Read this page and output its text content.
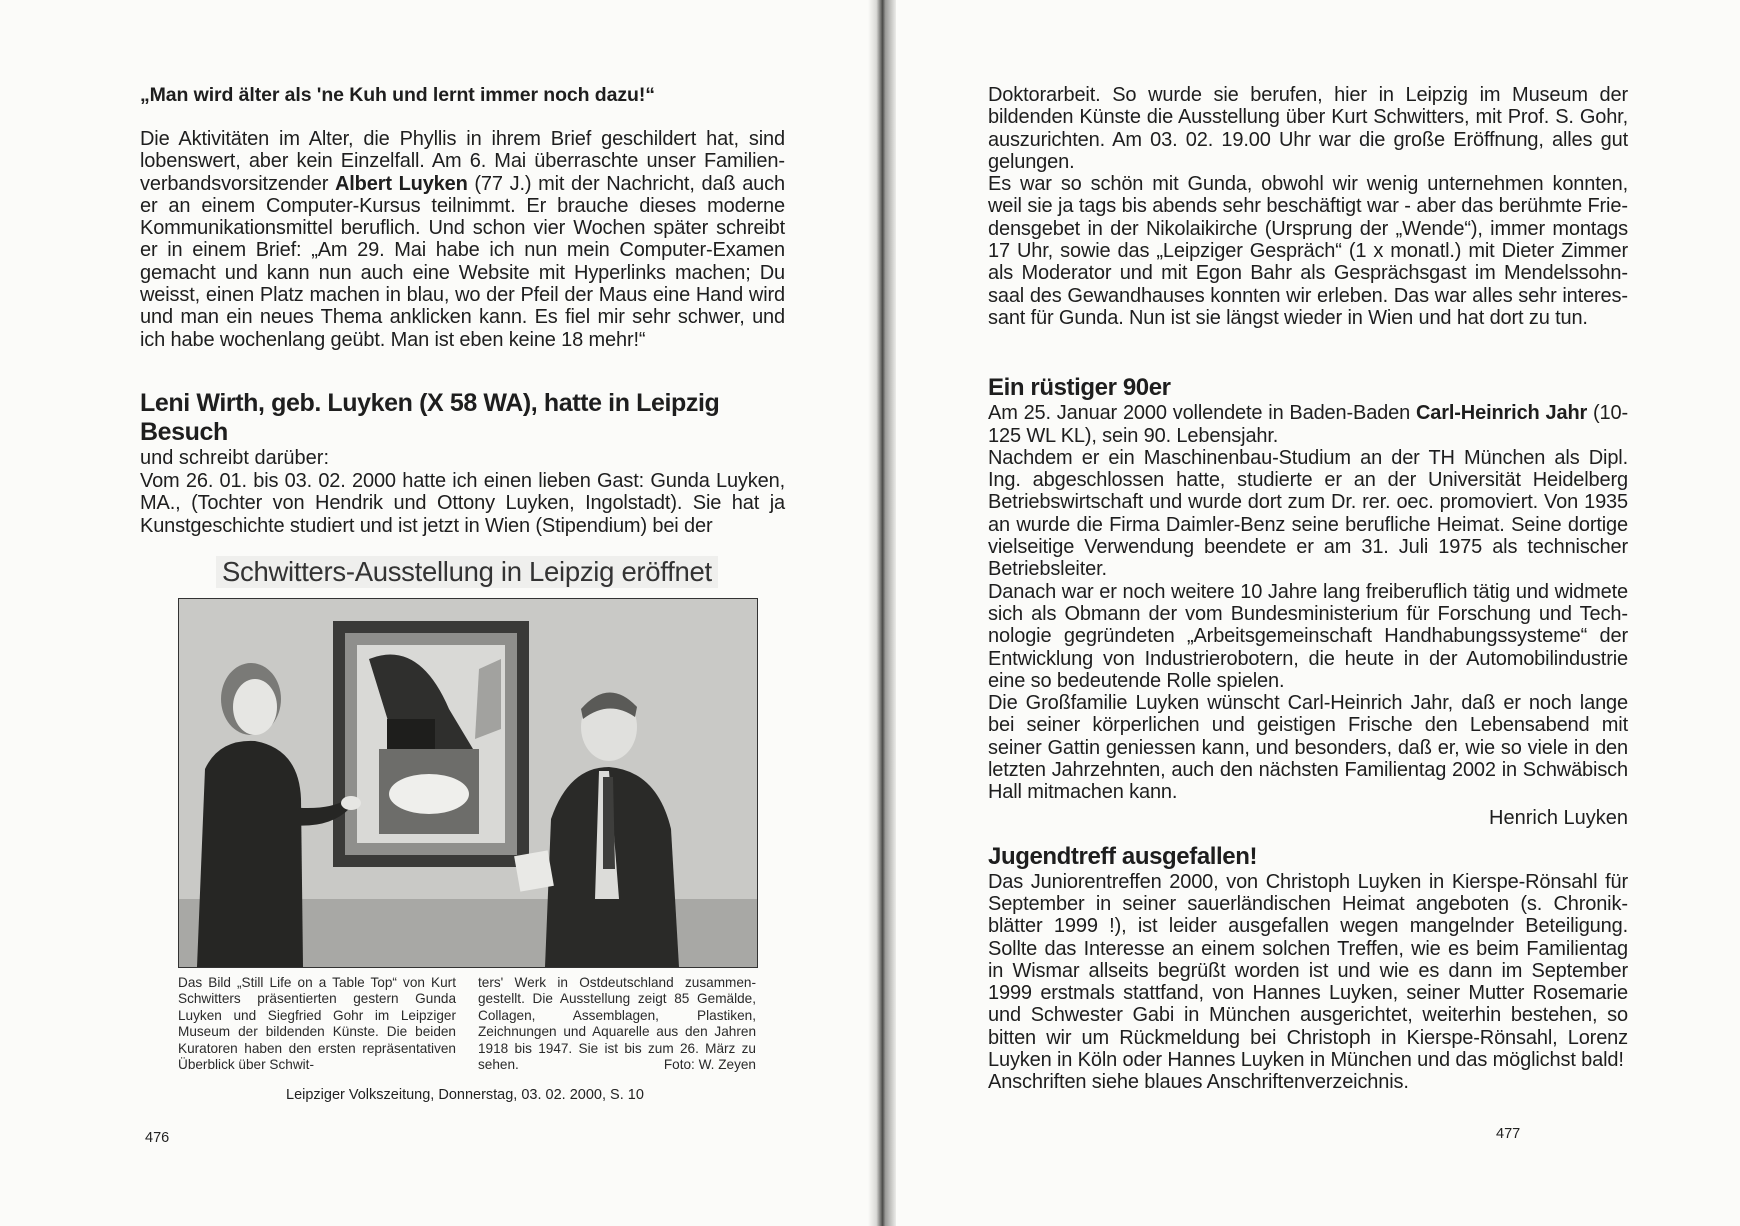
„Man wird älter als 'ne Kuh und lernt immer noch dazu!“

Die Aktivitäten im Alter, die Phyllis in ihrem Brief geschildert hat, sind lobenswert, aber kein Einzelfall. Am 6. Mai überraschte unser Familienverbandsvorsitzender Albert Luyken (77 J.) mit der Nachricht, daß auch er an einem Computer-Kursus teilnimmt. Er brauche dieses moderne Kommunikationsmittel beruflich. Und schon vier Wochen später schreibt er in einem Brief: „Am 29. Mai habe ich nun mein Computer-Examen gemacht und kann nun auch eine Website mit Hyperlinks machen; Du weisst, einen Platz machen in blau, wo der Pfeil der Maus eine Hand wird und man ein neues Thema anklicken kann. Es fiel mir sehr schwer, und ich habe wochenlang geübt. Man ist eben keine 18 mehr!“

Leni Wirth, geb. Luyken (X 58 WA), hatte in Leipzig Besuch

und schreibt darüber:

Vom 26. 01. bis 03. 02. 2000 hatte ich einen lieben Gast: Gunda Luyken, MA., (Tochter von Hendrik und Ottony Luyken, Ingolstadt). Sie hat ja Kunstgeschichte studiert und ist jetzt in Wien (Stipendium) bei der

Schwitters-Ausstellung in Leipzig eröffnet

Das Bild „Still Life on a Table Top“ von Kurt Schwitters präsentierten gestern Gunda Luyken und Siegfried Gohr im Leipziger Museum der bildenden Künste. Die beiden Kuratoren haben den ersten repräsentativen Überblick über Schwit-

ters' Werk in Ostdeutschland zusammengestellt. Die Ausstellung zeigt 85 Gemälde, Collagen, Assemblagen, Plastiken, Zeichnungen und Aquarelle aus den Jahren 1918 bis 1947. Sie ist bis zum 26. März zu sehen.	Foto: W. Zeyen

Leipziger Volkszeitung, Donnerstag, 03. 02. 2000, S. 10
476

Doktorarbeit. So wurde sie berufen, hier in Leipzig im Museum der bildenden Künste die Ausstellung über Kurt Schwitters, mit Prof. S. Gohr, auszurichten. Am 03. 02. 19.00 Uhr war die große Eröffnung, alles gut gelungen.

Es war so schön mit Gunda, obwohl wir wenig unternehmen konnten, weil sie ja tags bis abends sehr beschäftigt war - aber das berühmte Friedensgebet in der Nikolaikirche (Ursprung der „Wende“), immer montags 17 Uhr, sowie das „Leipziger Gespräch“ (1 x monatl.) mit Dieter Zimmer als Moderator und mit Egon Bahr als Gesprächsgast im Mendelssohnsaal des Gewandhauses konnten wir erleben. Das war alles sehr interessant für Gunda. Nun ist sie längst wieder in Wien und hat dort zu tun.

Ein rüstiger 90er

Am 25. Januar 2000 vollendete in Baden-Baden Carl-Heinrich Jahr (10-125 WL KL), sein 90. Lebensjahr.

Nachdem er ein Maschinenbau-Studium an der TH München als Dipl. Ing. abgeschlossen hatte, studierte er an der Universität Heidelberg Betriebswirtschaft und wurde dort zum Dr. rer. oec. promoviert. Von 1935 an wurde die Firma Daimler-Benz seine berufliche Heimat. Seine dortige vielseitige Verwendung beendete er am 31. Juli 1975 als technischer Betriebsleiter.

Danach war er noch weitere 10 Jahre lang freiberuflich tätig und widmete sich als Obmann der vom Bundesministerium für Forschung und Technologie gegründeten „Arbeitsgemeinschaft Handhabungssysteme“ der Entwicklung von Industrierobotern, die heute in der Automobilindustrie eine so bedeutende Rolle spielen.

Die Großfamilie Luyken wünscht Carl-Heinrich Jahr, daß er noch lange bei seiner körperlichen und geistigen Frische den Lebensabend mit seiner Gattin geniessen kann, und besonders, daß er, wie so viele in den letzten Jahrzehnten, auch den nächsten Familientag 2002 in Schwäbisch Hall mitmachen kann.

Henrich Luyken

Jugendtreff ausgefallen!

Das Juniorentreffen 2000, von Christoph Luyken in Kierspe-Rönsahl für September in seiner sauerländischen Heimat angeboten (s. Chronikblätter 1999 !), ist leider ausgefallen wegen mangelnder Beteiligung. Sollte das Interesse an einem solchen Treffen, wie es beim Familientag in Wismar allseits begrüßt worden ist und wie es dann im September 1999 erstmals stattfand, von Hannes Luyken, seiner Mutter Rosemarie und Schwester Gabi in München ausgerichtet, weiterhin bestehen, so bitten wir um Rückmeldung bei Christoph in Kierspe-Rönsahl, Lorenz Luyken in Köln oder Hannes Luyken in München und das möglichst bald!

Anschriften siehe blaues Anschriftenverzeichnis.

477
